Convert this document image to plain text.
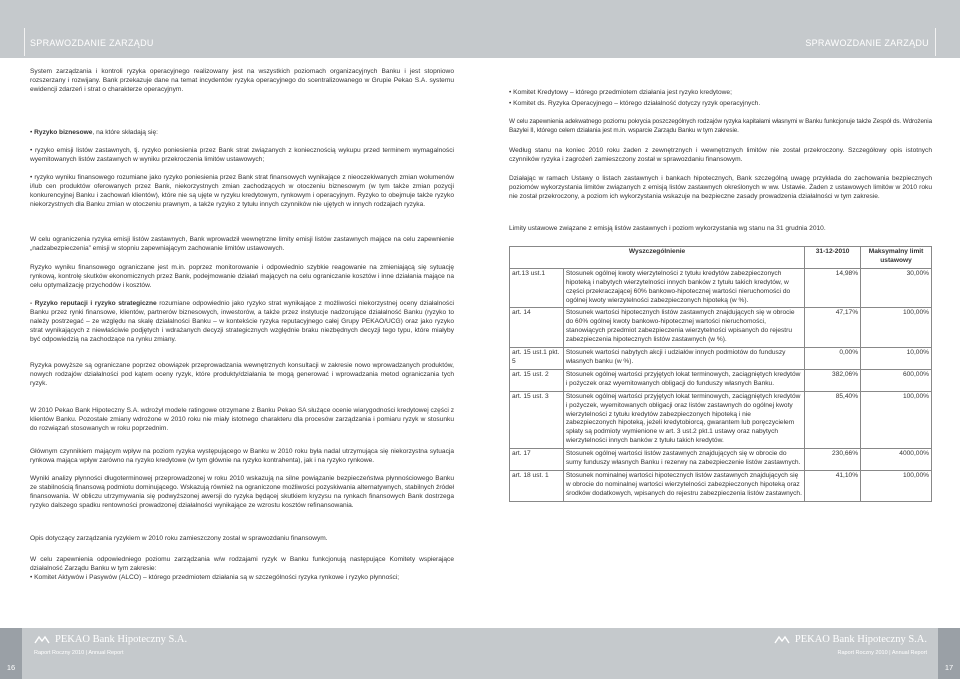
SPRAWOZDANIE ZARZĄDU	SPRAWOZDANIE ZARZĄDU

System zarządzania i kontroli ryzyka operacyjnego realizowany jest na wszystkich poziomach organizacyjnych Banku i jest stopniowo rozszerzany i rozwijany. Bank przekazuje dane na temat incydentów ryzyka operacyjnego do scentralizowanego w Grupie Pekao S.A. systemu ewidencji zdarzeń i strat o charakterze operacyjnym.

• Ryzyko biznesowe, na które składają się:

• ryzyko emisji listów zastawnych, tj. ryzyko poniesienia przez Bank strat związanych z koniecznością wykupu przed terminem wymagalności wyemitowanych listów zastawnych w wyniku przekroczenia limitów ustawowych;

• ryzyko wyniku finansowego rozumiane jako ryzyko poniesienia przez Bank strat finansowych wynikające z nieoczekiwanych zmian wolumenów i/lub cen produktów oferowanych przez Bank, niekorzystnych zmian zachodzących w otoczeniu biznesowym (w tym także zmian pozycji konkurencyjnej Banku i zachowań klientów), które nie są ujęte w ryzyku kredytowym, rynkowym i operacyjnym. Ryzyko to obejmuje także ryzyko niekorzystnych dla Banku zmian w otoczeniu prawnym, a także ryzyko z tytułu innych czynników nie ujętych w innych rodzajach ryzyka.

W celu ograniczenia ryzyka emisji listów zastawnych, Bank wprowadził wewnętrzne limity emisji listów zastawnych mające na celu zapewnienie „nadzabezpieczenia” emisji w stopniu zapewniającym zachowanie limitów ustawowych.

Ryzyko wyniku finansowego ograniczane jest m.in. poprzez monitorowanie i odpowiednio szybkie reagowanie na zmieniającą się sytuację rynkową, kontrolę skutków ekonomicznych przez Bank, podejmowanie działań mających na celu ograniczanie kosztów i inne działania mające na celu optymalizację przychodów i kosztów.

- Ryzyko reputacji i ryzyko strategiczne rozumiane odpowiednio jako ryzyko strat wynikające z możliwości niekorzystnej oceny działalności Banku przez rynki finansowe, klientów, partnerów biznesowych, inwestorów, a także przez instytucje nadzorujące działalność Banku (ryzyko to należy postrzegać – ze względu na skalę działalności Banku – w kontekście ryzyka reputacyjnego całej Grupy PEKAO/UCG) oraz jako ryzyko strat wynikających z niewłaściwie podjętych i wdrażanych decyzji strategicznych względnie braku niezbędnych decyzji tego typu, które miałyby być odpowiedzią na zachodzące na rynku zmiany.

Ryzyka powyższe są ograniczane poprzez obowiązek przeprowadzania wewnętrznych konsultacji w zakresie nowo wprowadzanych produktów, nowych rodzajów działalności pod kątem oceny ryzyk, które produkty/działania te mogą generować i wprowadzania metod ograniczania tych ryzyk.

W 2010 Pekao Bank Hipoteczny S.A. wdrożył modele ratingowe otrzymane z Banku Pekao SA służące ocenie wiarygodności kredytowej części z klientów Banku. Pozostałe zmiany wdrożone w 2010 roku nie miały istotnego charakteru dla procesów zarządzania i pomiaru ryzyk w stosunku do rozwiązań stosowanych w roku poprzednim.

Głównym czynnikiem mającym wpływ na poziom ryzyka występującego w Banku w 2010 roku była nadal utrzymująca się niekorzystna sytuacja rynkowa mająca wpływ zarówno na ryzyko kredytowe (w tym głównie na ryzyko kontrahenta), jak i na ryzyko rynkowe.

Wyniki analizy płynności długoterminowej przeprowadzonej w roku 2010 wskazują na silne powiązanie bezpieczeństwa płynnościowego Banku ze stabilnością finansową podmiotu dominującego. Wskazują również na ograniczone możliwości pozyskiwania alternatywnych, stabilnych źródeł finansowania. W obliczu utrzymywania się podwyższonej awersji do ryzyka będącej skutkiem kryzysu na rynkach finansowych Bank dostrzega ryzyko dalszego spadku rentowności prowadzonej działalności wynikające ze wzrostu kosztów refinansowania.

Opis dotyczący zarządzania ryzykiem w 2010 roku zamieszczony został w sprawozdaniu finansowym.

W celu zapewnienia odpowiedniego poziomu zarządzania w/w rodzajami ryzyk w Banku funkcjonują następujące Komitety wspierające działalność Zarządu Banku w tym zakresie:

• Komitet Aktywów i Pasywów (ALCO) – którego przedmiotem działania są w szczególności ryzyka rynkowe i ryzyko płynności;

• Komitet Kredytowy – którego przedmiotem działania jest ryzyko kredytowe;

• Komitet ds. Ryzyka Operacyjnego – którego działalność dotyczy ryzyk operacyjnych.

W celu zapewnienia adekwatnego poziomu pokrycia poszczególnych rodzajów ryzyka kapitałami własnymi w Banku funkcjonuje także Zespół ds. Wdrożenia Bazylei II, którego celem działania jest m.in. wsparcie Zarządu Banku w tym zakresie.

Według stanu na koniec 2010 roku żaden z zewnętrznych i wewnętrznych limitów nie został przekroczony. Szczegółowy opis istotnych czynników ryzyka i zagrożeń zamieszczony został w sprawozdaniu finansowym.

Działając w ramach Ustawy o listach zastawnych i bankach hipotecznych, Bank szczególną uwagę przykłada do zachowania bezpiecznych poziomów wykorzystania limitów związanych z emisją listów zastawnych określonych w ww. Ustawie. Żaden z ustawowych limitów w 2010 roku nie został przekroczony, a poziom ich wykorzystania wskazuje na bezpieczne zasady prowadzenia działalności w tym zakresie.

Limity ustawowe związane z emisją listów zastawnych i poziom wykorzystania wg stanu na 31 grudnia 2010.

Wyszczególnienie		31-12-2010	Maksymalny limit ustawowy
art.13 ust.1	Stosunek ogólnej kwoty wierzytelności z tytułu kredytów zabezpieczonych hipoteką i nabytych wierzytelności innych banków z tytułu takich kredytów, w części przekraczającej 60% bankowo-hipotecznej wartości nieruchomości do ogólnej kwoty wierzytelności zabezpieczonych hipoteką (w %).	14,98%	30,00%
art. 14	Stosunek wartości hipotecznych listów zastawnych znajdujących się w obrocie do 60% ogólnej kwoty bankowo-hipotecznej wartości nieruchomości, stanowiących przedmiot zabezpieczenia wierzytelności wpisanych do rejestru zabezpieczenia hipotecznych listów zastawnych (w %).	47,17%	100,00%
art. 15 ust.1 pkt. 5	Stosunek wartości nabytych akcji i udziałów innych podmiotów do funduszy własnych banku (w %).	0,00%	10,00%
art. 15 ust. 2	Stosunek ogólnej wartości przyjętych lokat terminowych, zaciągniętych kredytów i pożyczek oraz wyemitowanych obligacji do funduszy własnych Banku.	382,06%	600,00%
art. 15 ust. 3	Stosunek ogólnej wartości przyjętych lokat terminowych, zaciągniętych kredytów i pożyczek, wyemitowanych obligacji oraz listów zastawnych do ogólnej kwoty wierzytelności z tytułu kredytów zabezpieczonych hipoteką i nie zabezpieczonych hipoteką, jeżeli kredytobiorcą, gwarantem lub poręczycielem spłaty są podmioty wymienione w art. 3 ust.2 pkt.1 ustawy oraz nabytych wierzytelności innych banków z tytułu takich kredytów.	85,40%	100,00%
art. 17	Stosunek ogólnej wartości listów zastawnych znajdujących się w obrocie do sumy funduszy własnych Banku i rezerwy na zabezpieczenie listów zastawnych.	230,66%	4000,00%
art. 18 ust. 1	Stosunek nominalnej wartości hipotecznych listów zastawnych znajdujących się w obrocie do nominalnej wartości wierzytelności zabezpieczonych hipoteką oraz środków dodatkowych, wpisanych do rejestru zabezpieczenia listów zastawnych.	41,10%	100,00%
16
PEKAO Bank Hipoteczny S.A.
Raport Roczny 2010 | Annual Report
PEKAO Bank Hipoteczny S.A.
Raport Roczny 2010 | Annual Report
17
